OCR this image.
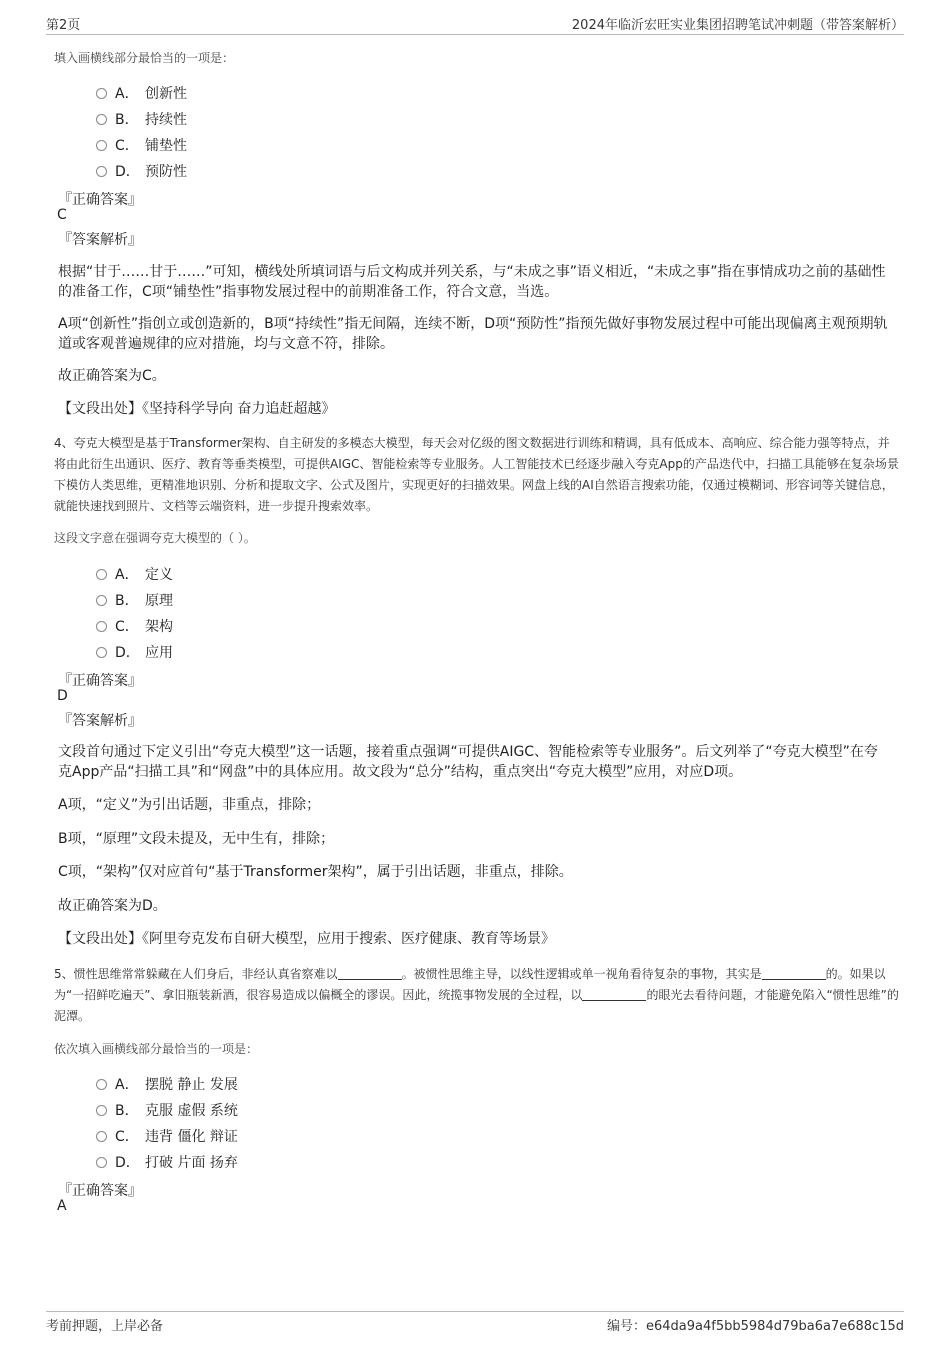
第2页	2024年临沂宏旺实业集团招聘笔试冲刺题（带答案解析）
填入画横线部分最恰当的一项是：
A． 创新性
B． 持续性
C． 铺垫性
D． 预防性
『正确答案』
C
『答案解析』
根据“甘于……甘于……”可知，横线处所填词语与后文构成并列关系，与“未成之事”语义相近，“未成之事”指在事情成功之前的基础性的准备工作，C项“铺垫性”指事物发展过程中的前期准备工作，符合文意，当选。
A项“创新性”指创立或创造新的，B项“持续性”指无间隔，连续不断，D项“预防性”指预先做好事物发展过程中可能出现偏离主观预期轨道或客观普遍规律的应对措施，均与文意不符，排除。
故正确答案为C。
【文段出处】《坚持科学导向 奋力追赶超越》
4、夸克大模型是基于Transformer架构、自主研发的多模态大模型，每天会对亿级的图文数据进行训练和精调，具有低成本、高响应、综合能力强等特点，并将由此衍生出通识、医疗、教育等垂类模型，可提供AIGC、智能检索等专业服务。人工智能技术已经逐步融入夸克App的产品迭代中，扫描工具能够在复杂场景下模仿人类思维，更精准地识别、分析和提取文字、公式及图片，实现更好的扫描效果。网盘上线的AI自然语言搜索功能，仅通过模糊词、形容词等关键信息，就能快速找到照片、文档等云端资料，进一步提升搜索效率。
这段文字意在强调夸克大模型的（ ）。
A． 定义
B． 原理
C． 架构
D． 应用
『正确答案』
D
『答案解析』
文段首句通过下定义引出“夸克大模型”这一话题，接着重点强调“可提供AIGC、智能检索等专业服务”。后文列举了“夸克大模型”在夸克App产品“扫描工具”和“网盘”中的具体应用。故文段为“总分”结构，重点突出“夸克大模型”应用，对应D项。
A项，“定义”为引出话题，非重点，排除；
B项，“原理”文段未提及，无中生有，排除；
C项，“架构”仅对应首句“基于Transformer架构”，属于引出话题，非重点，排除。
故正确答案为D。
【文段出处】《阿里夸克发布自研大模型，应用于搜索、医疗健康、教育等场景》
5、惯性思维常常躲藏在人们身后，非经认真省察难以	。被惯性思维主导，以线性逻辑或单一视角看待复杂的事物，其实是	的。如果以为“一招鲜吃遍天”、拿旧瓶装新酒，很容易造成以偏概全的谬误。因此，统揽事物发展的全过程，以	的眼光去看待问题，才能避免陷入“惯性思维”的泥潭。
依次填入画横线部分最恰当的一项是：
A． 摆脱 静止 发展
B． 克服 虚假 系统
C． 违背 僵化 辩证
D． 打破 片面 扬弃
『正确答案』
A
考前押题，上岸必备	编号：e64da9a4f5bb5984d79ba6a7e688c15d
